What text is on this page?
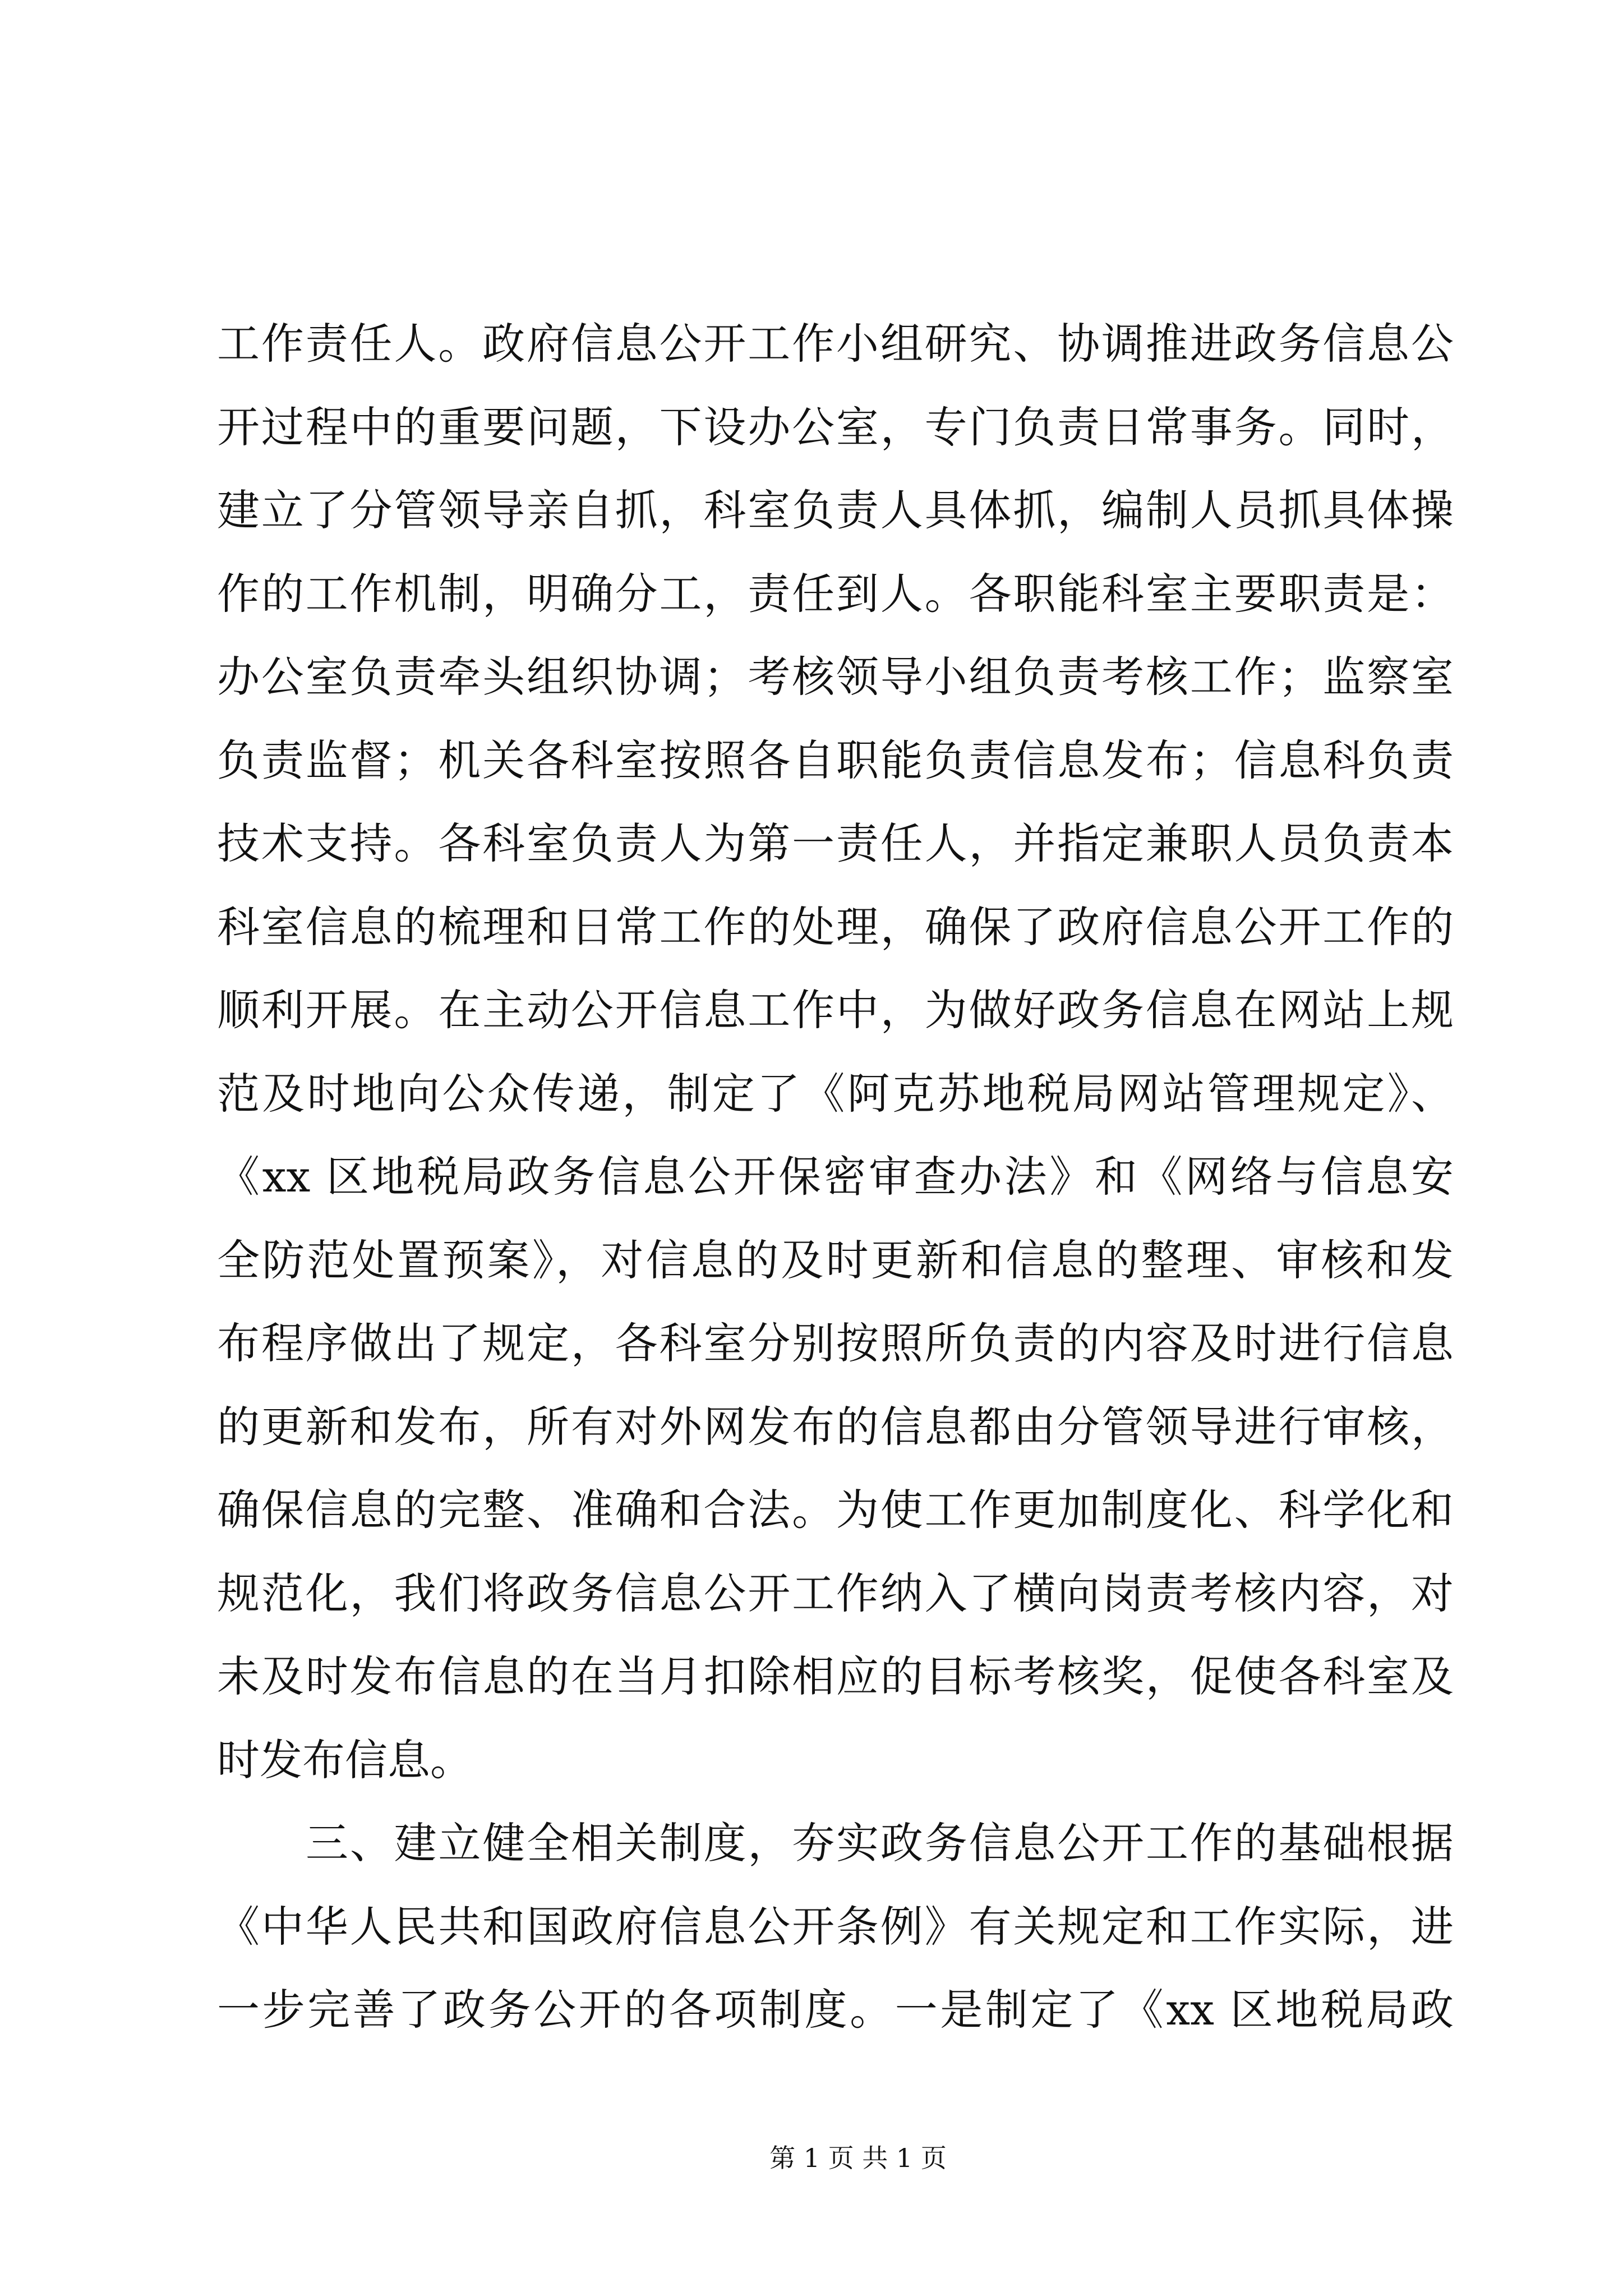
工作责任人。政府信息公开工作小组研究、协调推进政务信息公
开过程中的重要问题，下设办公室，专门负责日常事务。同时，
建立了分管领导亲自抓，科室负责人具体抓，编制人员抓具体操
作的工作机制，明确分工，责任到人。各职能科室主要职责是：
办公室负责牵头组织协调；考核领导小组负责考核工作；监察室
负责监督；机关各科室按照各自职能负责信息发布；信息科负责
技术支持。各科室负责人为第一责任人，并指定兼职人员负责本
科室信息的梳理和日常工作的处理，确保了政府信息公开工作的
顺利开展。在主动公开信息工作中，为做好政务信息在网站上规
范及时地向公众传递，制定了《阿克苏地税局网站管理规定》、
《xx 区地税局政务信息公开保密审查办法》和《网络与信息安
全防范处置预案》，对信息的及时更新和信息的整理、审核和发
布程序做出了规定，各科室分别按照所负责的内容及时进行信息
的更新和发布，所有对外网发布的信息都由分管领导进行审核，
确保信息的完整、准确和合法。为使工作更加制度化、科学化和
规范化，我们将政务信息公开工作纳入了横向岗责考核内容，对
未及时发布信息的在当月扣除相应的目标考核奖，促使各科室及
时发布信息。
三、建立健全相关制度，夯实政务信息公开工作的基础根据
《中华人民共和国政府信息公开条例》有关规定和工作实际，进
一步完善了政务公开的各项制度。一是制定了《xx 区地税局政
第 1 页 共 1 页
